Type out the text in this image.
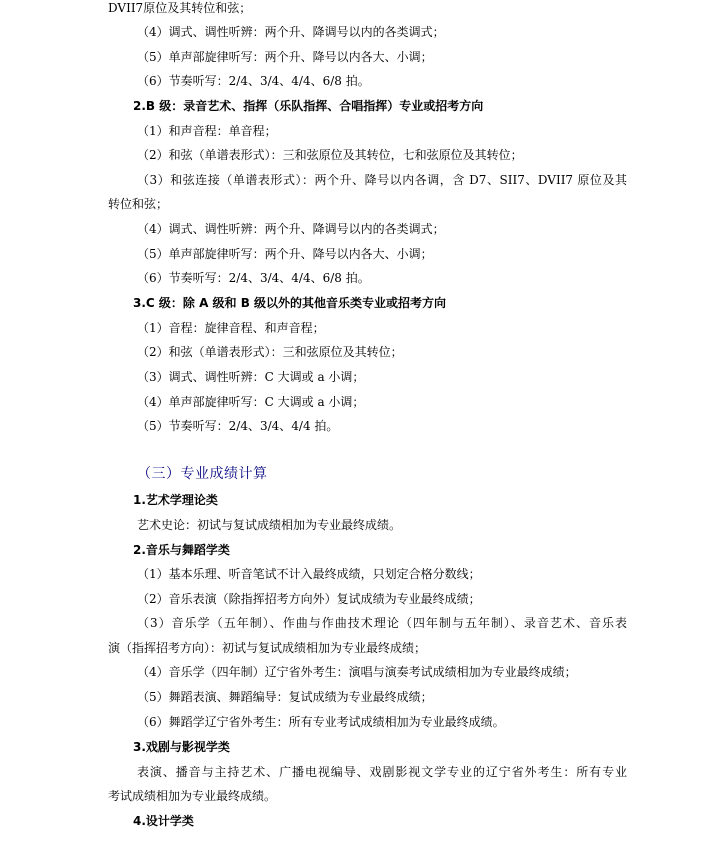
DVII7原位及其转位和弦；

（4）调式、调性听辨：两个升、降调号以内的各类调式；

（5）单声部旋律听写：两个升、降号以内各大、小调；

（6）节奏听写：2/4、3/4、4/4、6/8 拍。

2.B 级：录音艺术、指挥（乐队指挥、合唱指挥）专业或招考方向

（1）和声音程：单音程；

（2）和弦（单谱表形式）：三和弦原位及其转位，七和弦原位及其转位；

（3）和弦连接（单谱表形式）：两个升、降号以内各调，含 D7、SII7、DVII7 原位及其

转位和弦；

（4）调式、调性听辨：两个升、降调号以内的各类调式；

（5）单声部旋律听写：两个升、降号以内各大、小调；

（6）节奏听写：2/4、3/4、4/4、6/8 拍。

3.C 级：除 A 级和 B 级以外的其他音乐类专业或招考方向

（1）音程：旋律音程、和声音程；

（2）和弦（单谱表形式）：三和弦原位及其转位；

（3）调式、调性听辨：C 大调或 a 小调；

（4）单声部旋律听写：C 大调或 a 小调；

（5）节奏听写：2/4、3/4、4/4 拍。

（三）专业成绩计算

1.艺术学理论类

艺术史论：初试与复试成绩相加为专业最终成绩。

2.音乐与舞蹈学类

（1）基本乐理、听音笔试不计入最终成绩，只划定合格分数线；

（2）音乐表演（除指挥招考方向外）复试成绩为专业最终成绩；

（3）音乐学（五年制）、作曲与作曲技术理论（四年制与五年制）、录音艺术、音乐表

演（指挥招考方向）：初试与复试成绩相加为专业最终成绩；

（4）音乐学（四年制）辽宁省外考生：演唱与演奏考试成绩相加为专业最终成绩；

（5）舞蹈表演、舞蹈编导：复试成绩为专业最终成绩；

（6）舞蹈学辽宁省外考生：所有专业考试成绩相加为专业最终成绩。

3.戏剧与影视学类

表演、播音与主持艺术、广播电视编导、戏剧影视文学专业的辽宁省外考生：所有专业

考试成绩相加为专业最终成绩。

4.设计学类
